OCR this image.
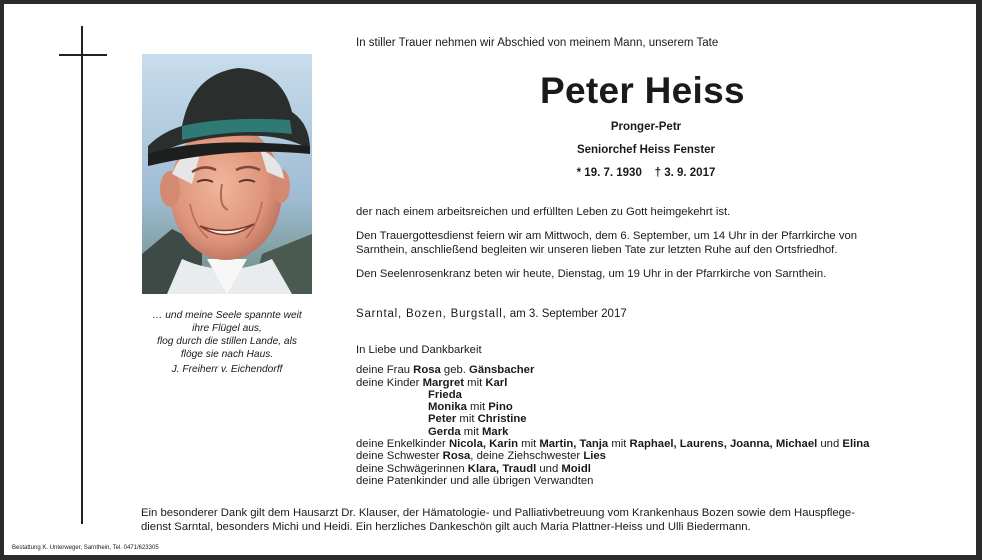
… und meine Seele spannte weit
ihre Flügel aus,
flog durch die stillen Lande, als
flöge sie nach Haus.
J. Freiherr v. Eichendorff
In stiller Trauer nehmen wir Abschied von meinem Mann, unserem Tate
Peter Heiss
Pronger-Petr
Seniorchef Heiss Fenster
* 19. 7. 1930    † 3. 9. 2017
der nach einem arbeitsreichen und erfüllten Leben zu Gott heimgekehrt ist.
Den Trauergottesdienst feiern wir am Mittwoch, dem 6. September, um 14 Uhr in der Pfarrkirche von
Sarnthein, anschließend begleiten wir unseren lieben Tate zur letzten Ruhe auf den Ortsfriedhof.
Den Seelenrosenkranz beten wir heute, Dienstag, um 19 Uhr in der Pfarrkirche von Sarnthein.
Sarntal, Bozen, Burgstall, am 3. September 2017
In Liebe und Dankbarkeit
deine Frau Rosa geb. Gänsbacher
deine Kinder Margret mit Karl
Frieda
Monika mit Pino
Peter mit Christine
Gerda mit Mark
deine Enkelkinder Nicola, Karin mit Martin, Tanja mit Raphael, Laurens, Joanna, Michael und Elina
deine Schwester Rosa, deine Ziehschwester Lies
deine Schwägerinnen Klara, Traudl und Moidl
deine Patenkinder und alle übrigen Verwandten
Ein besonderer Dank gilt dem Hausarzt Dr. Klauser, der Hämatologie- und Palliativbetreuung vom Krankenhaus Bozen sowie dem Hauspflege-
dienst Sarntal, besonders Michi und Heidi. Ein herzliches Dankeschön gilt auch Maria Plattner-Heiss und Ulli Biedermann.
Bestattung K. Unterweger, Sarnthein, Tel. 0471/623305
